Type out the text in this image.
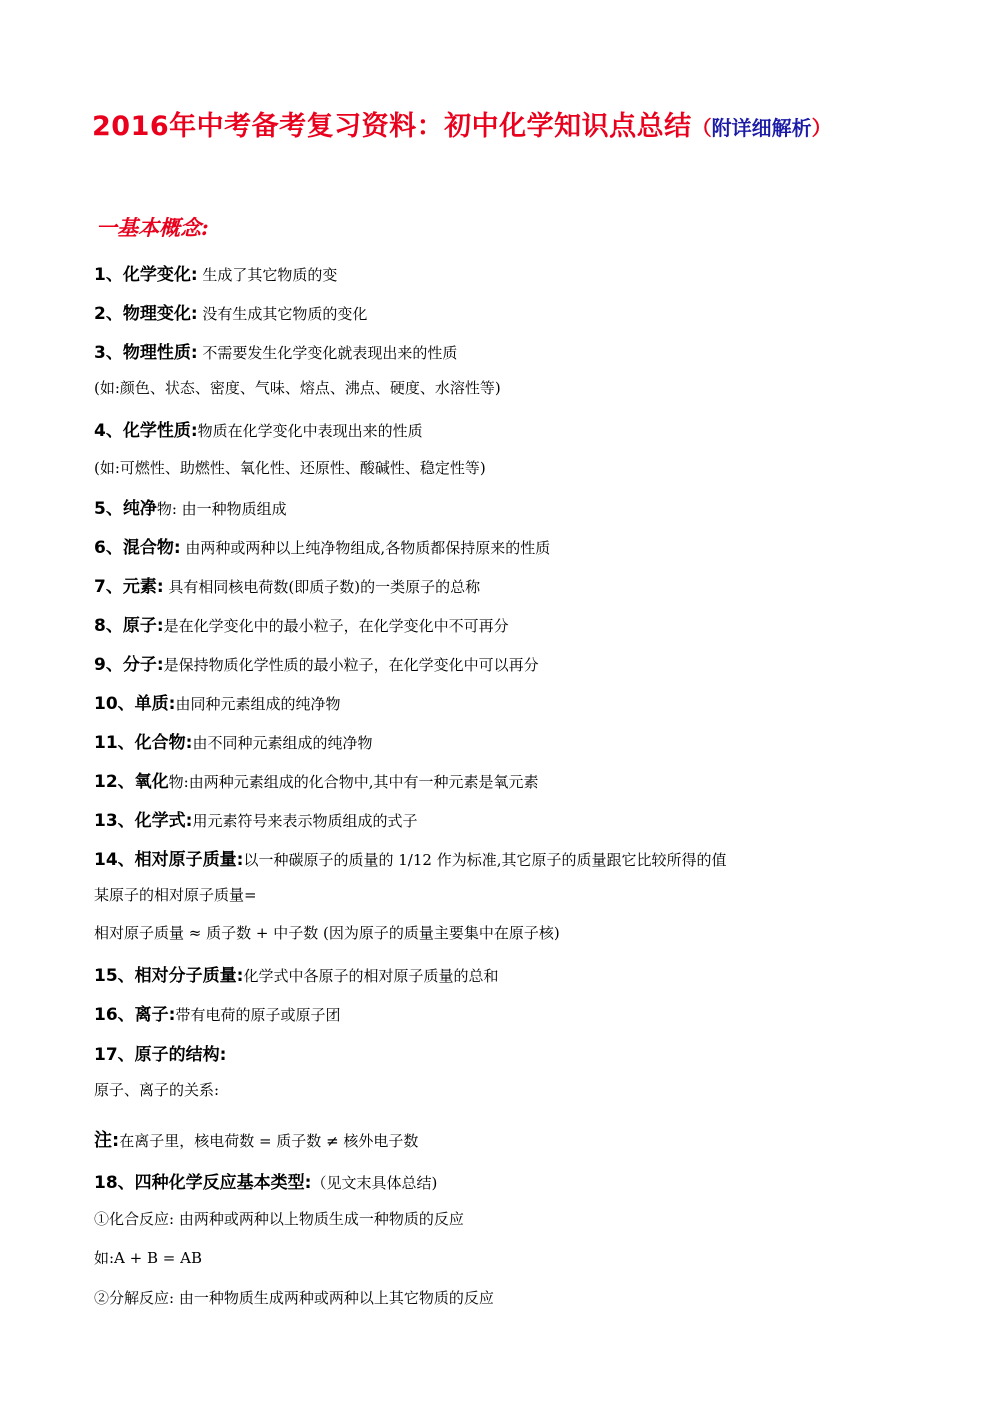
2016年中考备考复习资料：初中化学知识点总结（附详细解析）
一基本概念:
1、化学变化: 生成了其它物质的变
2、物理变化: 没有生成其它物质的变化
3、物理性质: 不需要发生化学变化就表现出来的性质
(如:颜色、状态、密度、气味、熔点、沸点、硬度、水溶性等)
4、化学性质:物质在化学变化中表现出来的性质
(如:可燃性、助燃性、氧化性、还原性、酸碱性、稳定性等)
5、纯净物: 由一种物质组成
6、混合物: 由两种或两种以上纯净物组成,各物质都保持原来的性质
7、元素: 具有相同核电荷数(即质子数)的一类原子的总称
8、原子:是在化学变化中的最小粒子，在化学变化中不可再分
9、分子:是保持物质化学性质的最小粒子，在化学变化中可以再分
10、单质:由同种元素组成的纯净物
11、化合物:由不同种元素组成的纯净物
12、氧化物:由两种元素组成的化合物中,其中有一种元素是氧元素
13、化学式:用元素符号来表示物质组成的式子
14、相对原子质量:以一种碳原子的质量的 1/12 作为标准,其它原子的质量跟它比较所得的值
某原子的相对原子质量=
相对原子质量 ≈ 质子数 + 中子数 (因为原子的质量主要集中在原子核)
15、相对分子质量:化学式中各原子的相对原子质量的总和
16、离子:带有电荷的原子或原子团
17、原子的结构:
原子、离子的关系:
注:在离子里，核电荷数 = 质子数 ≠ 核外电子数
18、四种化学反应基本类型:（见文末具体总结)
①化合反应: 由两种或两种以上物质生成一种物质的反应
如:A + B = AB
②分解反应: 由一种物质生成两种或两种以上其它物质的反应
